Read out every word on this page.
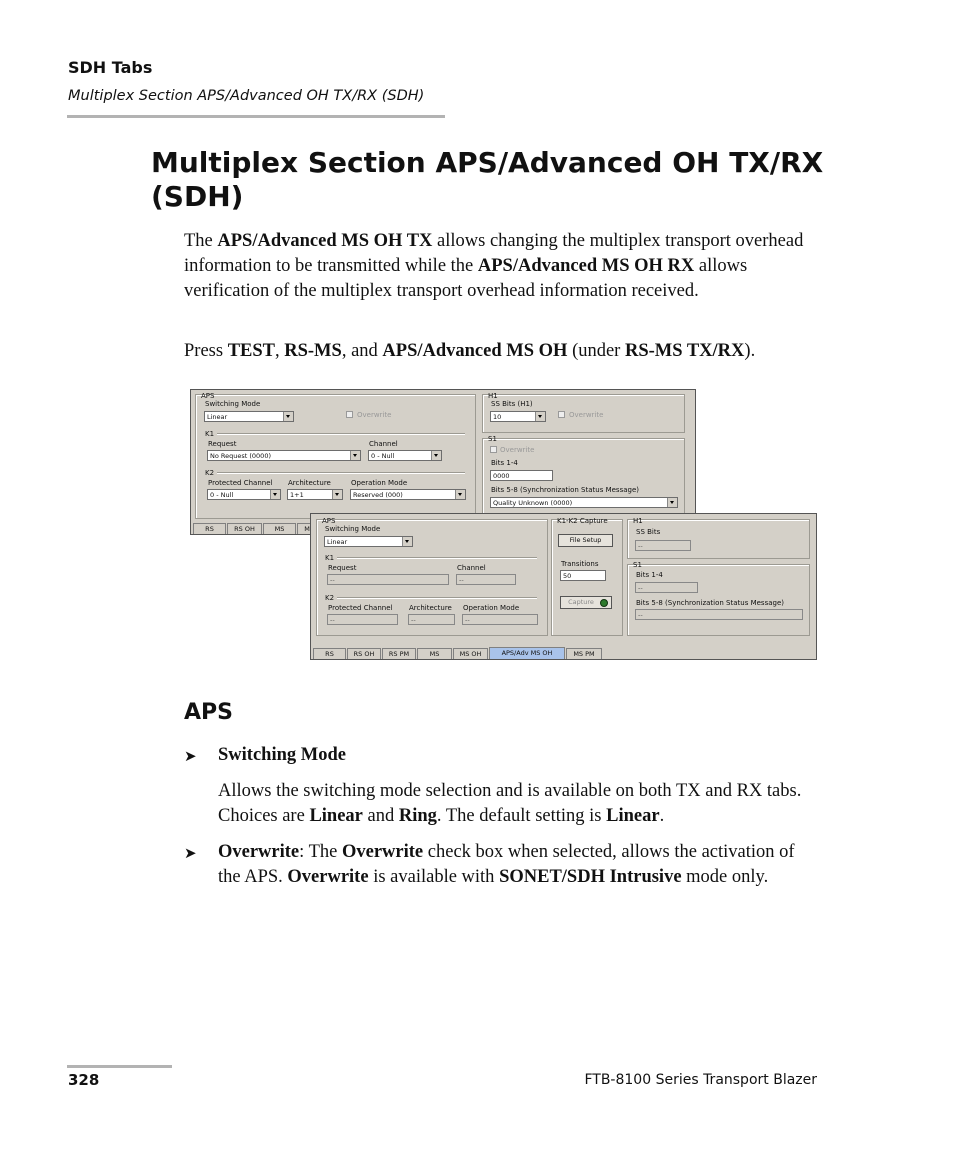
SDH Tabs
Multiplex Section APS/Advanced OH TX/RX (SDH)
Multiplex Section APS/Advanced OH TX/RX (SDH)

The APS/Advanced MS OH TX allows changing the multiplex transport overhead information to be transmitted while the APS/Advanced MS OH RX allows verification of the multiplex transport overhead information received.

Press TEST, RS-MS, and APS/Advanced MS OH (under RS-MS TX/RX).

APS
Switching Mode
Linear	Overwrite
K1
Request
No Request (0000)
Channel
0 - Null
K2
Protected Channel
0 - Null
Architecture
1+1
Operation Mode
Reserved (000)
H1
SS Bits (H1)
10	Overwrite
S1
Overwrite
Bits 1-4
0000
Bits 5-8 (Synchronization Status Message)
Quality Unknown (0000)
RS	RS OH	MS	M
APS
Switching Mode
Linear
K1
Request
--
Channel
--
K2
Protected Channel
--
Architecture
--
Operation Mode
--
K1-K2 Capture
File Setup
Transitions
50
Capture
H1
SS Bits
--
S1
Bits 1-4
--
Bits 5-8 (Synchronization Status Message)
--
RS	RS OH	RS PM	MS	MS OH	APS/Adv MS OH	MS PM
APS
➤ Switching Mode

Allows the switching mode selection and is available on both TX and RX tabs. Choices are Linear and Ring. The default setting is Linear.

➤ Overwrite: The Overwrite check box when selected, allows the activation of the APS. Overwrite is available with SONET/SDH Intrusive mode only.

328	FTB-8100 Series Transport Blazer
